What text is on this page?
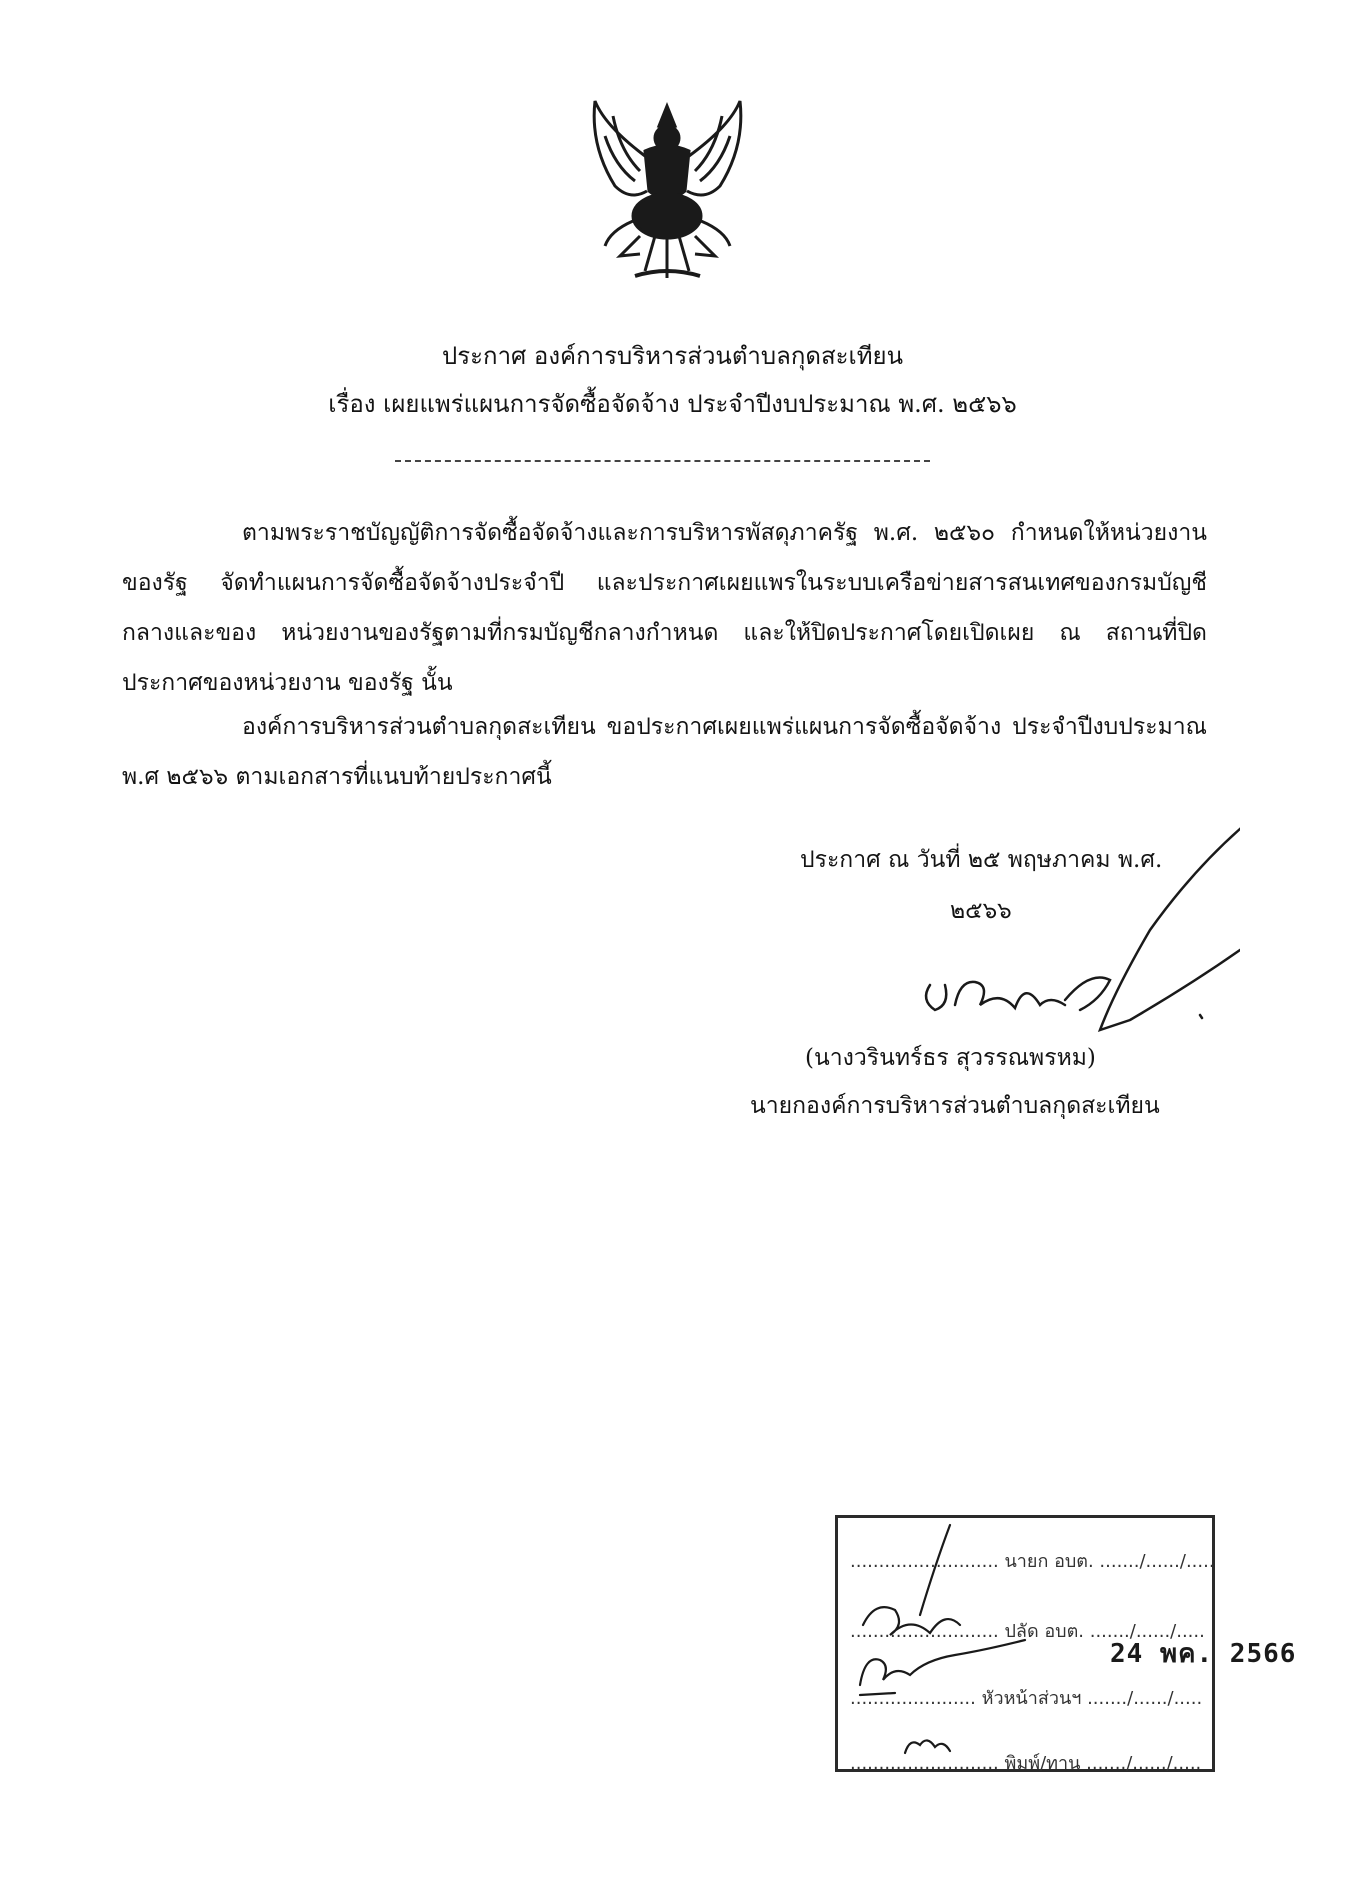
ประกาศ องค์การบริหารส่วนตำบลกุดสะเทียน
เรื่อง เผยแพร่แผนการจัดซื้อจัดจ้าง ประจำปีงบประมาณ พ.ศ. ๒๕๖๖
ตามพระราชบัญญัติการจัดซื้อจัดจ้างและการบริหารพัสดุภาครัฐ พ.ศ. ๒๕๖๐ กำหนดให้หน่วยงานของรัฐ จัดทำแผนการจัดซื้อจัดจ้างประจำปี และประกาศเผยแพรในระบบเครือข่ายสารสนเทศของกรมบัญชีกลางและของ หน่วยงานของรัฐตามที่กรมบัญชีกลางกำหนด และให้ปิดประกาศโดยเปิดเผย ณ สถานที่ปิดประกาศของหน่วยงาน ของรัฐ นั้น
องค์การบริหารส่วนตำบลกุดสะเทียน ขอประกาศเผยแพร่แผนการจัดซื้อจัดจ้าง ประจำปีงบประมาณ พ.ศ ๒๕๖๖ ตามเอกสารที่แนบท้ายประกาศนี้
ประกาศ ณ วันที่ ๒๕ พฤษภาคม พ.ศ.
๒๕๖๖
(นางวรินทร์ธร สุวรรณพรหม)
นายกองค์การบริหารส่วนตำบลกุดสะเทียน
.......................... นายก อบต. ......./....../.....
.......................... ปลัด อบต. ......./....../.....
...................... หัวหน้าส่วนฯ ......./....../.....
.......................... พิมพ์/ทาน ......./....../.....
24 พค. 2566
